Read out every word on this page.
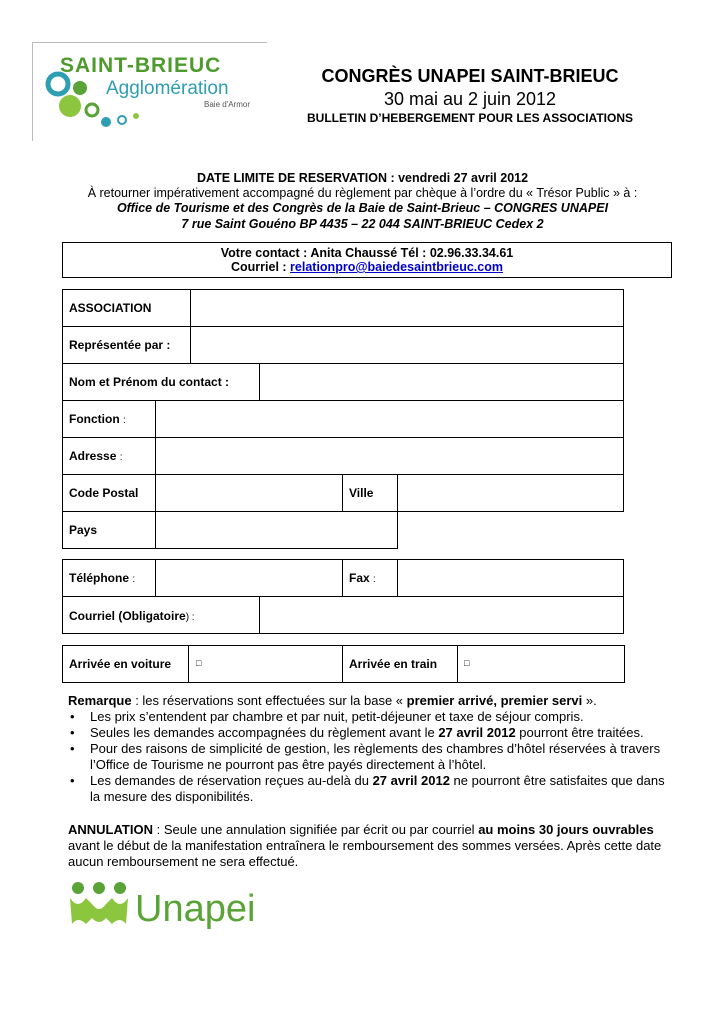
SAINT-BRIEUC
Agglomération
Baie d'Armor
CONGRÈS UNAPEI SAINT-BRIEUC
30 mai au 2 juin 2012
BULLETIN D’HEBERGEMENT POUR LES ASSOCIATIONS
DATE LIMITE DE RESERVATION : vendredi 27 avril 2012
À retourner impérativement accompagné du règlement par chèque à l’ordre du « Trésor Public » à :
Office de Tourisme et des Congrès de la Baie de Saint-Brieuc – CONGRES UNAPEI
7 rue Saint Gouéno BP 4435 – 22 044 SAINT-BRIEUC Cedex 2
Votre contact : Anita Chaussé Tél : 02.96.33.34.61
Courriel : relationpro@baiedesaintbrieuc.com
ASSOCIATION
Représentée par :
Nom et Prénom du contact :
Fonction :
Adresse :
Code Postal	Ville
Pays
Téléphone :	Fax :
Courriel (Obligatoire) :
Arrivée en voiture	□	Arrivée en train	□
Remarque : les réservations sont effectuées sur la base « premier arrivé, premier servi ».
• Les prix s’entendent par chambre et par nuit, petit-déjeuner et taxe de séjour compris.
• Seules les demandes accompagnées du règlement avant le 27 avril 2012 pourront être traitées.
• Pour des raisons de simplicité de gestion, les règlements des chambres d’hôtel réservées à travers l’Office de Tourisme ne pourront pas être payés directement à l’hôtel.
• Les demandes de réservation reçues au-delà du 27 avril 2012 ne pourront être satisfaites que dans la mesure des disponibilités.
ANNULATION : Seule une annulation signifiée par écrit ou par courriel au moins 30 jours ouvrables avant le début de la manifestation entraînera le remboursement des sommes versées. Après cette date aucun remboursement ne sera effectué.
Unapei
